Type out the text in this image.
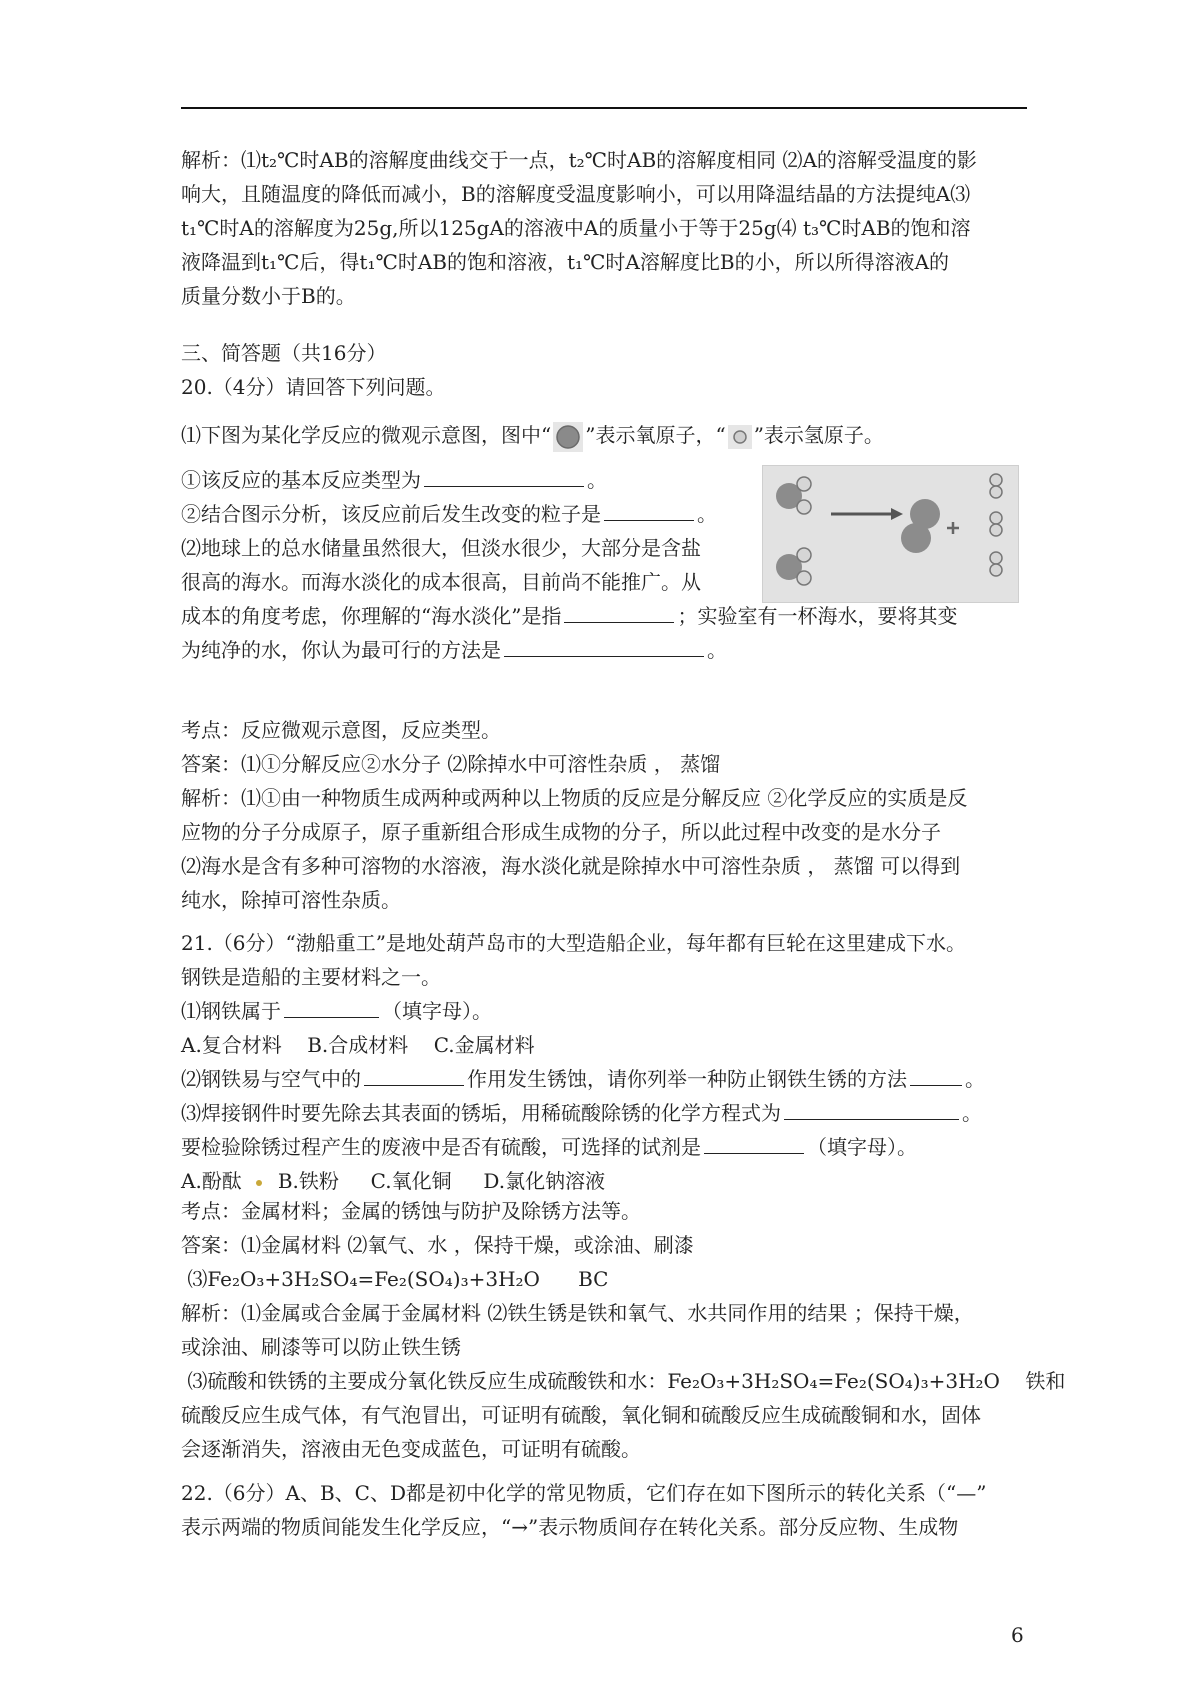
解析：⑴t₂℃时AB的溶解度曲线交于一点，t₂℃时AB的溶解度相同 ⑵A的溶解受温度的影
响大，且随温度的降低而减小，B的溶解度受温度影响小，可以用降温结晶的方法提纯A⑶
t₁℃时A的溶解度为25g,所以125gA的溶液中A的质量小于等于25g⑷ t₃℃时AB的饱和溶
液降温到t₁℃后，得t₁℃时AB的饱和溶液，t₁℃时A溶解度比B的小，所以所得溶液A的
质量分数小于B的。
三、简答题（共16分）
20.（4分）请回答下列问题。
⑴下图为某化学反应的微观示意图，图中“ ”表示氧原子，“ ”表示氢原子。
①该反应的基本反应类型为	。
②结合图示分析，该反应前后发生改变的粒子是	。
⑵地球上的总水储量虽然很大，但淡水很少，大部分是含盐
很高的海水。而海水淡化的成本很高，目前尚不能推广。从
成本的角度考虑，你理解的“海水淡化”是指	；实验室有一杯海水，要将其变
为纯净的水，你认为最可行的方法是	。
考点：反应微观示意图，反应类型。
答案：⑴①分解反应②水分子 ⑵除掉水中可溶性杂质 ， 蒸馏
解析：⑴①由一种物质生成两种或两种以上物质的反应是分解反应 ②化学反应的实质是反
应物的分子分成原子，原子重新组合形成生成物的分子，所以此过程中改变的是水分子
⑵海水是含有多种可溶物的水溶液，海水淡化就是除掉水中可溶性杂质 ， 蒸馏 可以得到
纯水，除掉可溶性杂质。
21.（6分）“渤船重工”是地处葫芦岛市的大型造船企业，每年都有巨轮在这里建成下水。
钢铁是造船的主要材料之一。
⑴钢铁属于	（填字母）。
A.复合材料    B.合成材料    C.金属材料
⑵钢铁易与空气中的	作用发生锈蚀，请你列举一种防止钢铁生锈的方法	。
⑶焊接钢件时要先除去其表面的锈垢，用稀硫酸除锈的化学方程式为	。
要检验除锈过程产生的废液中是否有硫酸，可选择的试剂是	（填字母）。
A.酚酞 B.铁粉     C.氧化铜     D.氯化钠溶液
考点：金属材料；金属的锈蚀与防护及除锈方法等。
答案：⑴金属材料 ⑵氧气、水 ，保持干燥，或涂油、刷漆
⑶Fe₂O₃+3H₂SO₄=Fe₂(SO₄)₃+3H₂O      BC
解析：⑴金属或合金属于金属材料 ⑵铁生锈是铁和氧气、水共同作用的结果 ；保持干燥，
或涂油、刷漆等可以防止铁生锈
⑶硫酸和铁锈的主要成分氧化铁反应生成硫酸铁和水：Fe₂O₃+3H₂SO₄=Fe₂(SO₄)₃+3H₂O    铁和
硫酸反应生成气体，有气泡冒出，可证明有硫酸，氧化铜和硫酸反应生成硫酸铜和水，固体
会逐渐消失，溶液由无色变成蓝色，可证明有硫酸。
22.（6分）A、B、C、D都是初中化学的常见物质，它们存在如下图所示的转化关系（“—”
表示两端的物质间能发生化学反应，“→”表示物质间存在转化关系。部分反应物、生成物
6
